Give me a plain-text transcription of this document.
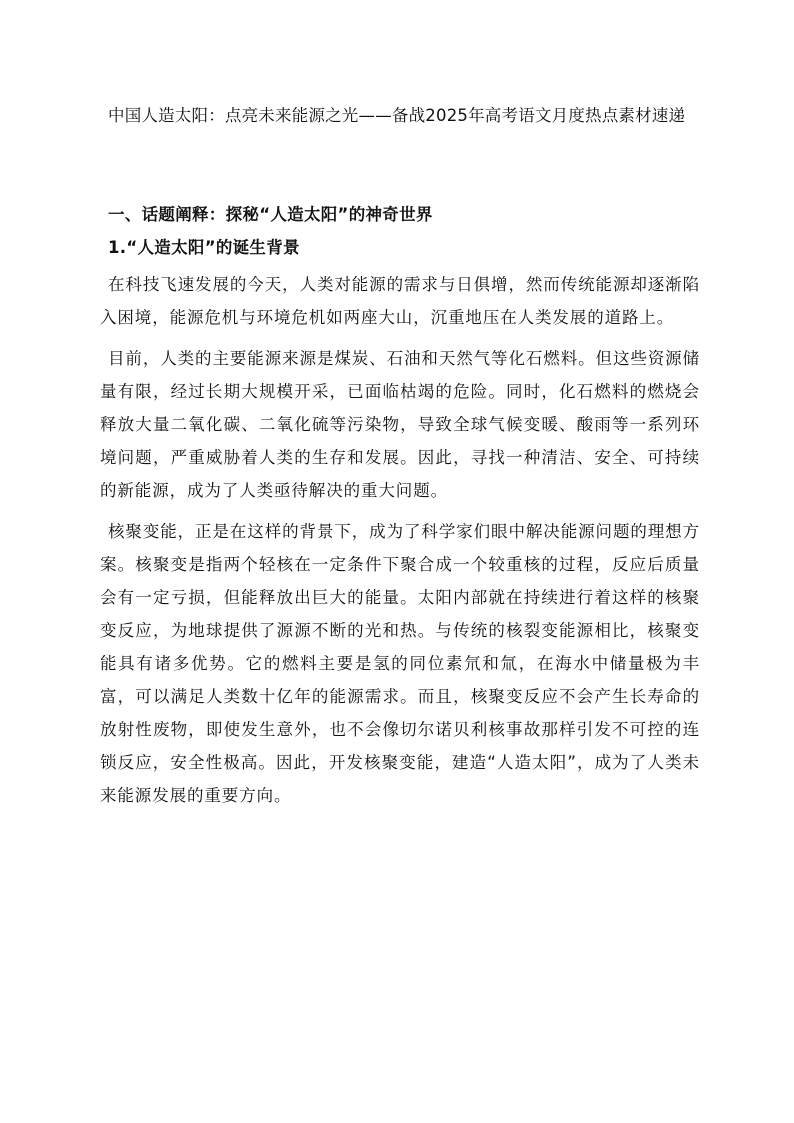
中国人造太阳：点亮未来能源之光——备战2025年高考语文月度热点素材速递

一、话题阐释：探秘“人造太阳”的神奇世界

1.“人造太阳”的诞生背景

在科技飞速发展的今天，人类对能源的需求与日俱增，然而传统能源却逐渐陷入困境，能源危机与环境危机如两座大山，沉重地压在人类发展的道路上。

目前，人类的主要能源来源是煤炭、石油和天然气等化石燃料。但这些资源储量有限，经过长期大规模开采，已面临枯竭的危险。同时，化石燃料的燃烧会释放大量二氧化碳、二氧化硫等污染物，导致全球气候变暖、酸雨等一系列环境问题，严重威胁着人类的生存和发展。因此，寻找一种清洁、安全、可持续的新能源，成为了人类亟待解决的重大问题。

核聚变能，正是在这样的背景下，成为了科学家们眼中解决能源问题的理想方案。核聚变是指两个轻核在一定条件下聚合成一个较重核的过程，反应后质量会有一定亏损，但能释放出巨大的能量。太阳内部就在持续进行着这样的核聚变反应，为地球提供了源源不断的光和热。与传统的核裂变能源相比，核聚变能具有诸多优势。它的燃料主要是氢的同位素氘和氚，在海水中储量极为丰富，可以满足人类数十亿年的能源需求。而且，核聚变反应不会产生长寿命的放射性废物，即使发生意外，也不会像切尔诺贝利核事故那样引发不可控的连锁反应，安全性极高。因此，开发核聚变能，建造“人造太阳”，成为了人类未来能源发展的重要方向。
